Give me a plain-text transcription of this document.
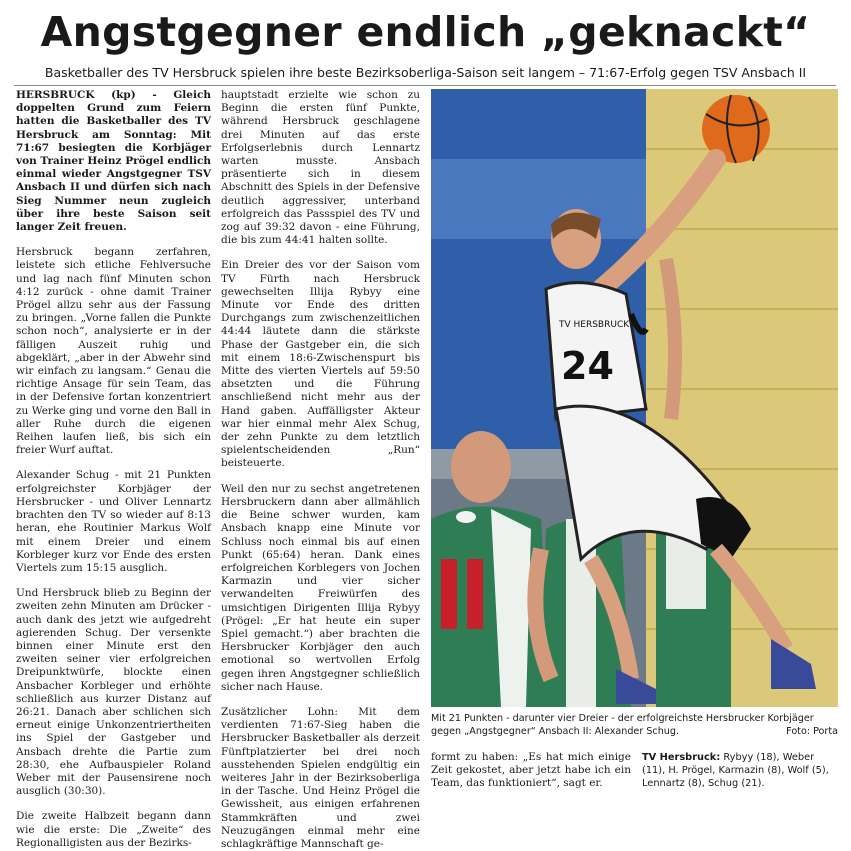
Angstgegner endlich „geknackt“
Basketballer des TV Hersbruck spielen ihre beste Bezirksoberliga-Saison seit langem – 71:67-Erfolg gegen TSV Ansbach II

HERSBRUCK (kp) - Gleich doppelten Grund zum Feiern hatten die Basketballer des TV Hersbruck am Sonntag: Mit 71:67 besiegten die Korbjäger von Trainer Heinz Prögel endlich einmal wieder Angstgegner TSV Ansbach II und dürfen sich nach Sieg Nummer neun zugleich über ihre beste Saison seit langer Zeit freuen.

Hersbruck begann zerfahren, leistete sich etliche Fehlversuche und lag nach fünf Minuten schon 4:12 zurück - ohne damit Trainer Prögel allzu sehr aus der Fassung zu bringen. „Vorne fallen die Punkte schon noch“, analysierte er in der fälligen Auszeit ruhig und abgeklärt, „aber in der Abwehr sind wir einfach zu langsam.“ Genau die richtige Ansage für sein Team, das in der Defensive fortan konzentriert zu Werke ging und vorne den Ball in aller Ruhe durch die eigenen Reihen laufen ließ, bis sich ein freier Wurf auftat.

Alexander Schug - mit 21 Punkten erfolgreichster Korbjäger der Hersbrucker - und Oliver Lennartz brachten den TV so wieder auf 8:13 heran, ehe Routinier Markus Wolf mit einem Dreier und einem Korbleger kurz vor Ende des ersten Viertels zum 15:15 ausglich.

Und Hersbruck blieb zu Beginn der zweiten zehn Minuten am Drücker - auch dank des jetzt wie aufgedreht agierenden Schug. Der versenkte binnen einer Minute erst den zweiten seiner vier erfolgreichen Dreipunktwürfe, blockte einen Ansbacher Korbleger und erhöhte schließlich aus kurzer Distanz auf 26:21. Danach aber schlichen sich erneut einige Unkonzentriertheiten ins Spiel der Gastgeber und Ansbach drehte die Partie zum 28:30, ehe Aufbauspieler Roland Weber mit der Pausensirene noch ausglich (30:30).

Die zweite Halbzeit begann dann wie die erste: Die „Zweite“ des Regionalligisten aus der Bezirks-

hauptstadt erzielte wie schon zu Beginn die ersten fünf Punkte, während Hersbruck geschlagene drei Minuten auf das erste Erfolgserlebnis durch Lennartz warten musste. Ansbach präsentierte sich in diesem Abschnitt des Spiels in der Defensive deutlich aggressiver, unterband erfolgreich das Passspiel des TV und zog auf 39:32 davon - eine Führung, die bis zum 44:41 halten sollte.

Ein Dreier des vor der Saison vom TV Fürth nach Hersbruck gewechselten Illija Rybyy eine Minute vor Ende des dritten Durchgangs zum zwischenzeitlichen 44:44 läutete dann die stärkste Phase der Gastgeber ein, die sich mit einem 18:6-Zwischenspurt bis Mitte des vierten Viertels auf 59:50 absetzten und die Führung anschließend nicht mehr aus der Hand gaben. Auffälligster Akteur war hier einmal mehr Alex Schug, der zehn Punkte zu dem letztlich spielentscheidenden „Run“ beisteuerte.

Weil den nur zu sechst angetretenen Hersbruckern dann aber allmählich die Beine schwer wurden, kam Ansbach knapp eine Minute vor Schluss noch einmal bis auf einen Punkt (65:64) heran. Dank eines erfolgreichen Korblegers von Jochen Karmazin und vier sicher verwandelten Freiwürfen des umsichtigen Dirigenten Illija Rybyy (Prögel: „Er hat heute ein super Spiel gemacht.“) aber brachten die Hersbrucker Korbjäger den auch emotional so wertvollen Erfolg gegen ihren Angstgegner schließlich sicher nach Hause.

Zusätzlicher Lohn: Mit dem verdienten 71:67-Sieg haben die Hersbrucker Basketballer als derzeit Fünftplatzierter bei drei noch ausstehenden Spielen endgültig ein weiteres Jahr in der Bezirksoberliga in der Tasche. Und Heinz Prögel die Gewissheit, aus einigen erfahrenen Stammkräften und zwei Neuzugängen einmal mehr eine schlagkräftige Mannschaft ge-

24
TV HERSBRUCK
Mit 21 Punkten - darunter vier Dreier - der erfolgreichste Hersbrucker Korbjäger gegen „Angstgegner“ Ansbach II: Alexander Schug.	Foto: Porta
formt zu haben: „Es hat mich einige Zeit gekostet, aber jetzt habe ich ein Team, das funktioniert“, sagt er.
TV Hersbruck: Rybyy (18), Weber (11), H. Prögel, Karmazin (8), Wolf (5), Lennartz (8), Schug (21).
